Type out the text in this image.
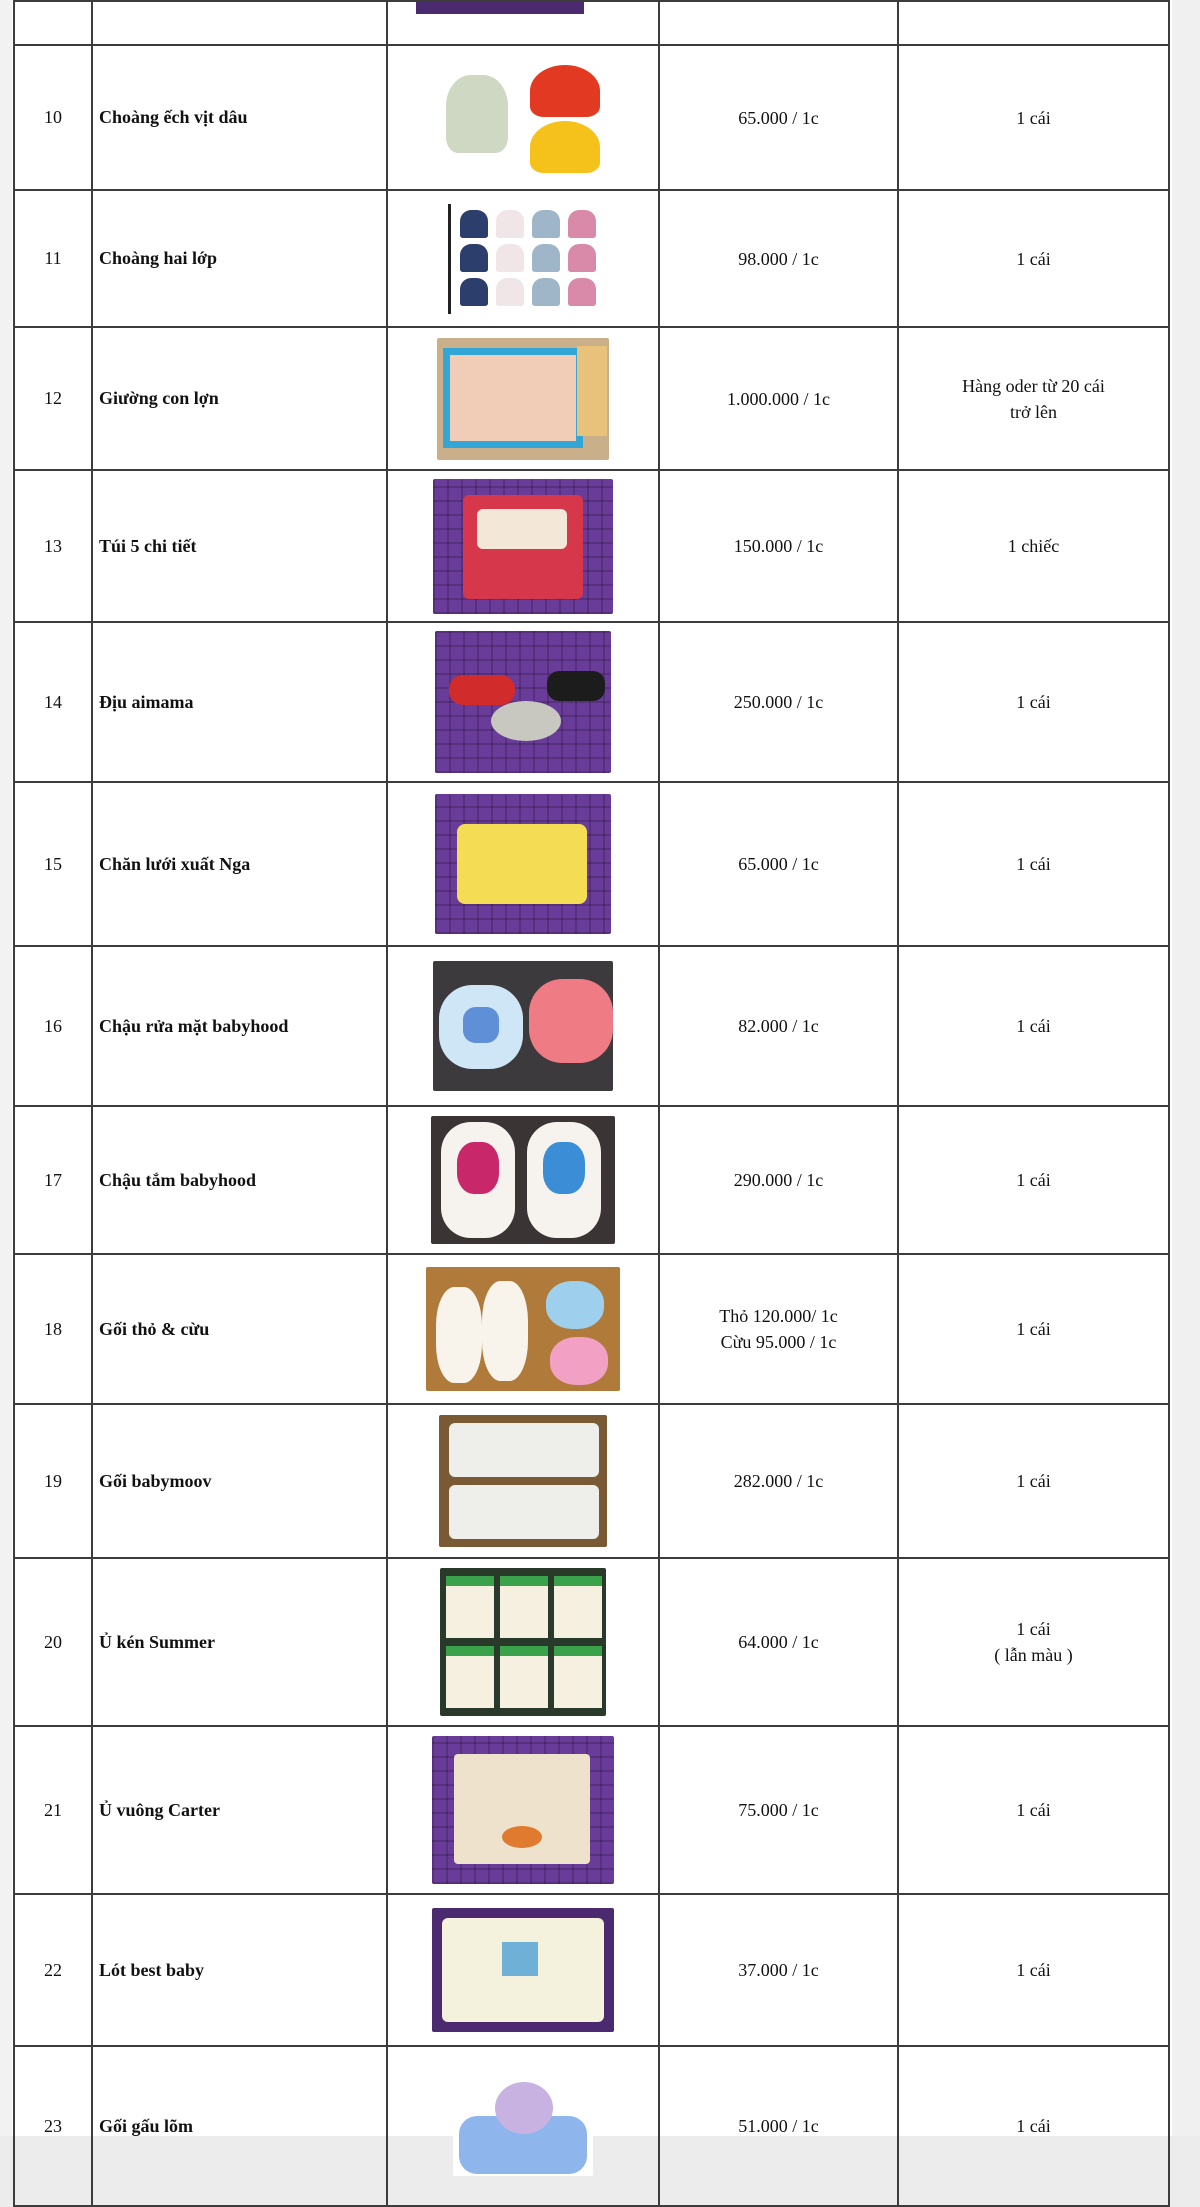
10	Choàng ếch vịt dâu		65.000 / 1c	1 cái

11	Choàng hai lớp		98.000 / 1c	1 cái

12	Giường con lợn		1.000.000 / 1c	Hàng oder từ 20 cái
trở lên

13	Túi 5 chi tiết		150.000 / 1c	1 chiếc

14	Địu aimama		250.000 / 1c	1 cái

15	Chăn lưới xuất Nga		65.000 / 1c	1 cái

16	Chậu rửa mặt babyhood		82.000 / 1c	1 cái

17	Chậu tắm babyhood		290.000 / 1c	1 cái

18	Gối thỏ & cừu		Thỏ 120.000/ 1c
Cừu 95.000 / 1c	1 cái

19	Gối babymoov		282.000 / 1c	1 cái

20	Ủ kén Summer		64.000 / 1c	1 cái
( lẫn màu )

21	Ủ vuông Carter		75.000 / 1c	1 cái

22	Lót best baby		37.000 / 1c	1 cái

23	Gối gấu lõm		51.000 / 1c	1 cái
